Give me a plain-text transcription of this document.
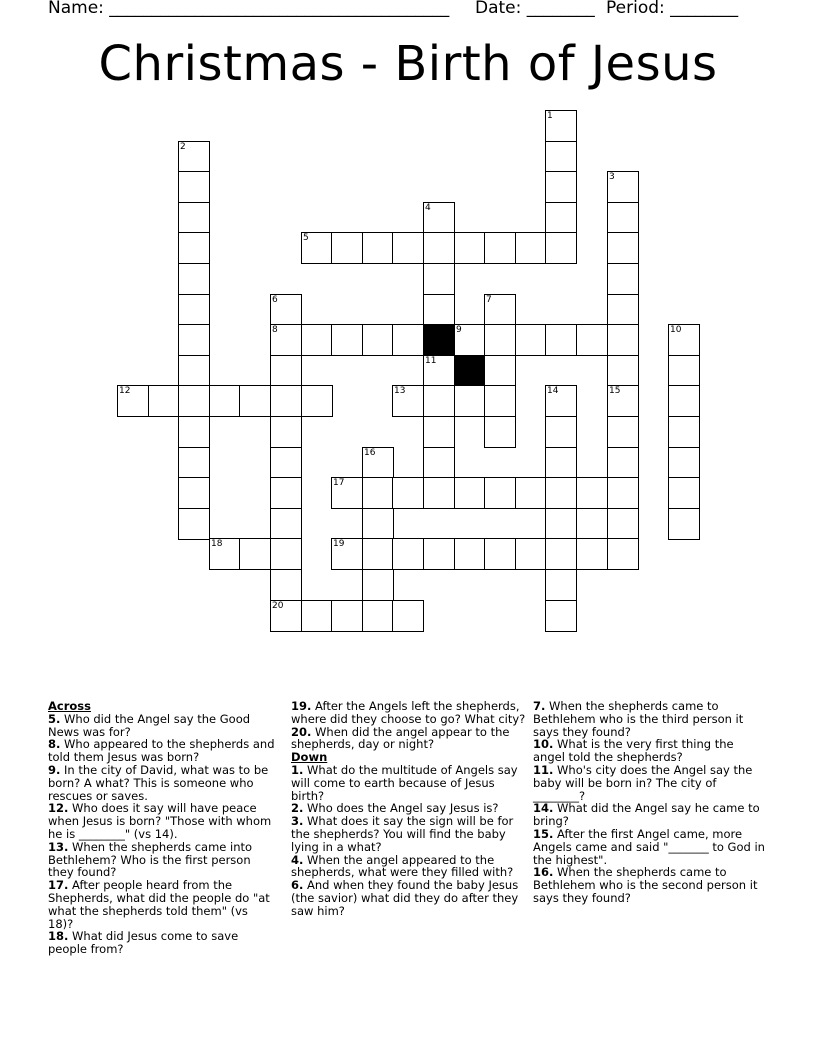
Name: ________________________________________ Date: ________ Period: ________
Christmas - Birth of Jesus
1
2
3
4
5
6	7
8	9	10
11
12	13	14	15
16
17
18	19
20

Across

5. Who did the Angel say the Good News was for?

8. Who appeared to the shepherds and told them Jesus was born?

9. In the city of David, what was to be born? A what? This is someone who rescues or saves.

12. Who does it say will have peace when Jesus is born? "Those with whom he is ________" (vs 14).

13. When the shepherds came into Bethlehem? Who is the first person they found?

17. After people heard from the Shepherds, what did the people do "at what the shepherds told them" (vs 18)?

18. What did Jesus come to save people from?

19. After the Angels left the shepherds, where did they choose to go? What city?

20. When did the angel appear to the shepherds, day or night?

Down

1. What do the multitude of Angels say will come to earth because of Jesus birth?

2. Who does the Angel say Jesus is?

3. What does it say the sign will be for the shepherds? You will find the baby lying in a what?

4. When the angel appeared to the shepherds, what were they filled with?

6. And when they found the baby Jesus (the savior) what did they do after they saw him?

7. When the shepherds came to Bethlehem who is the third person it says they found?

10. What is the very first thing the angel told the shepherds?

11. Who's city does the Angel say the baby will be born in? The city of ________?

14. What did the Angel say he came to bring?

15. After the first Angel came, more Angels came and said "_______ to God in the highest".

16. When the shepherds came to Bethlehem who is the second person it says they found?
